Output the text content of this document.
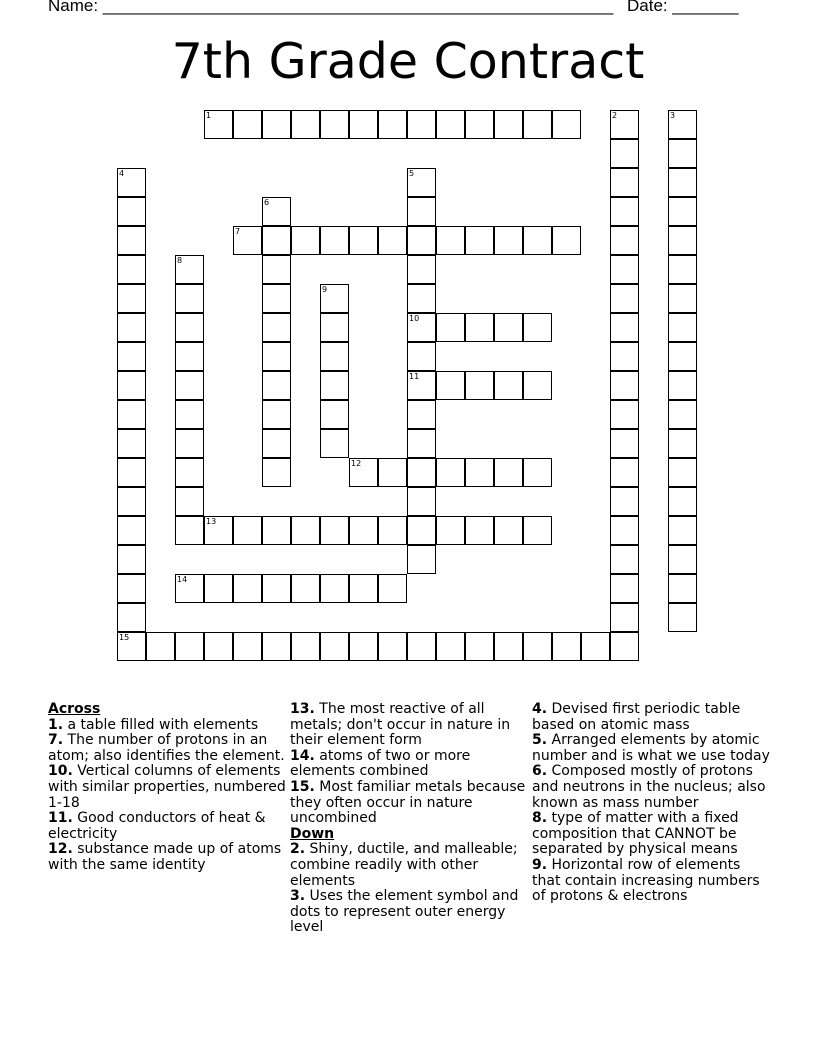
Name: ______________________________________________________ Date: _______
7th Grade Contract
1	2	3
4	5
10
11
6
7
8
9
12
13
14
15
Across
1. a table filled with elements
7. The number of protons in an atom; also identifies the element.
10. Vertical columns of elements with similar properties, numbered 1-18
11. Good conductors of heat & electricity
12. substance made up of atoms with the same identity
13. The most reactive of all metals; don't occur in nature in their element form
14. atoms of two or more elements combined
15. Most familiar metals because they often occur in nature uncombined
Down
2. Shiny, ductile, and malleable; combine readily with other elements
3. Uses the element symbol and dots to represent outer energy level
4. Devised first periodic table based on atomic mass
5. Arranged elements by atomic number and is what we use today
6. Composed mostly of protons and neutrons in the nucleus; also known as mass number
8. type of matter with a fixed composition that CANNOT be separated by physical means
9. Horizontal row of elements that contain increasing numbers of protons & electrons
